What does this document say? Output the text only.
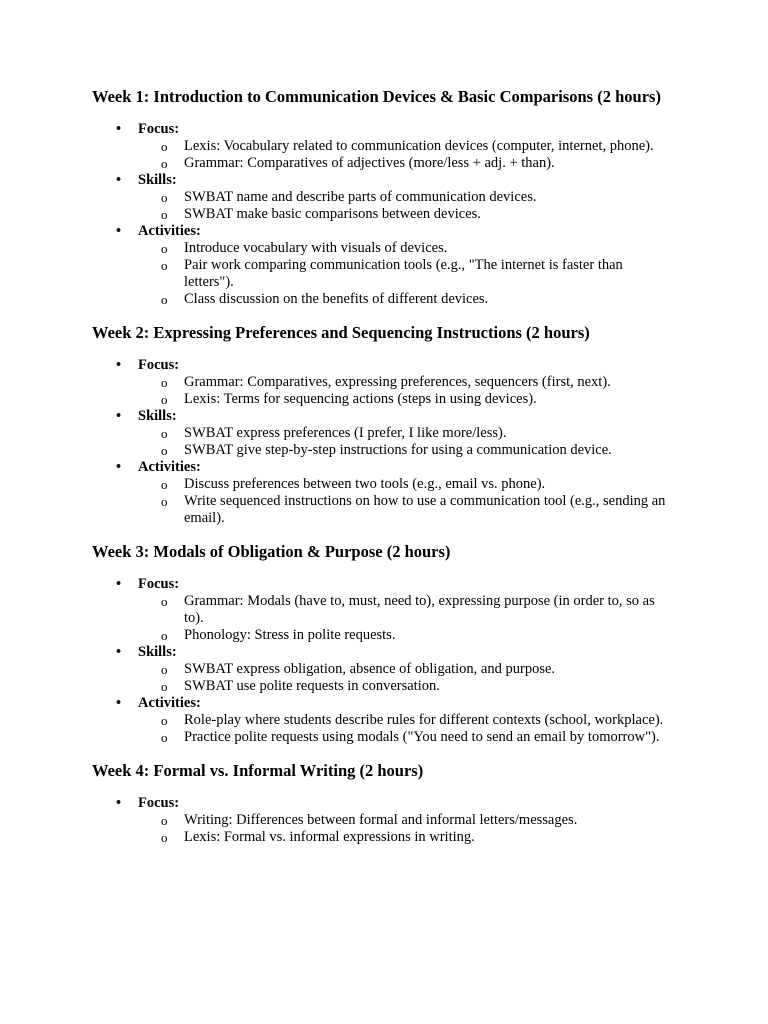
Week 1: Introduction to Communication Devices & Basic Comparisons (2 hours)
• Focus:
o Lexis: Vocabulary related to communication devices (computer, internet, phone).
o Grammar: Comparatives of adjectives (more/less + adj. + than).
• Skills:
o SWBAT name and describe parts of communication devices.
o SWBAT make basic comparisons between devices.
• Activities:
o Introduce vocabulary with visuals of devices.
o Pair work comparing communication tools (e.g., "The internet is faster than letters").
o Class discussion on the benefits of different devices.
Week 2: Expressing Preferences and Sequencing Instructions (2 hours)
• Focus:
o Grammar: Comparatives, expressing preferences, sequencers (first, next).
o Lexis: Terms for sequencing actions (steps in using devices).
• Skills:
o SWBAT express preferences (I prefer, I like more/less).
o SWBAT give step-by-step instructions for using a communication device.
• Activities:
o Discuss preferences between two tools (e.g., email vs. phone).
o Write sequenced instructions on how to use a communication tool (e.g., sending an email).
Week 3: Modals of Obligation & Purpose (2 hours)
• Focus:
o Grammar: Modals (have to, must, need to), expressing purpose (in order to, so as to).
o Phonology: Stress in polite requests.
• Skills:
o SWBAT express obligation, absence of obligation, and purpose.
o SWBAT use polite requests in conversation.
• Activities:
o Role-play where students describe rules for different contexts (school, workplace).
o Practice polite requests using modals ("You need to send an email by tomorrow").
Week 4: Formal vs. Informal Writing (2 hours)
• Focus:
o Writing: Differences between formal and informal letters/messages.
o Lexis: Formal vs. informal expressions in writing.
